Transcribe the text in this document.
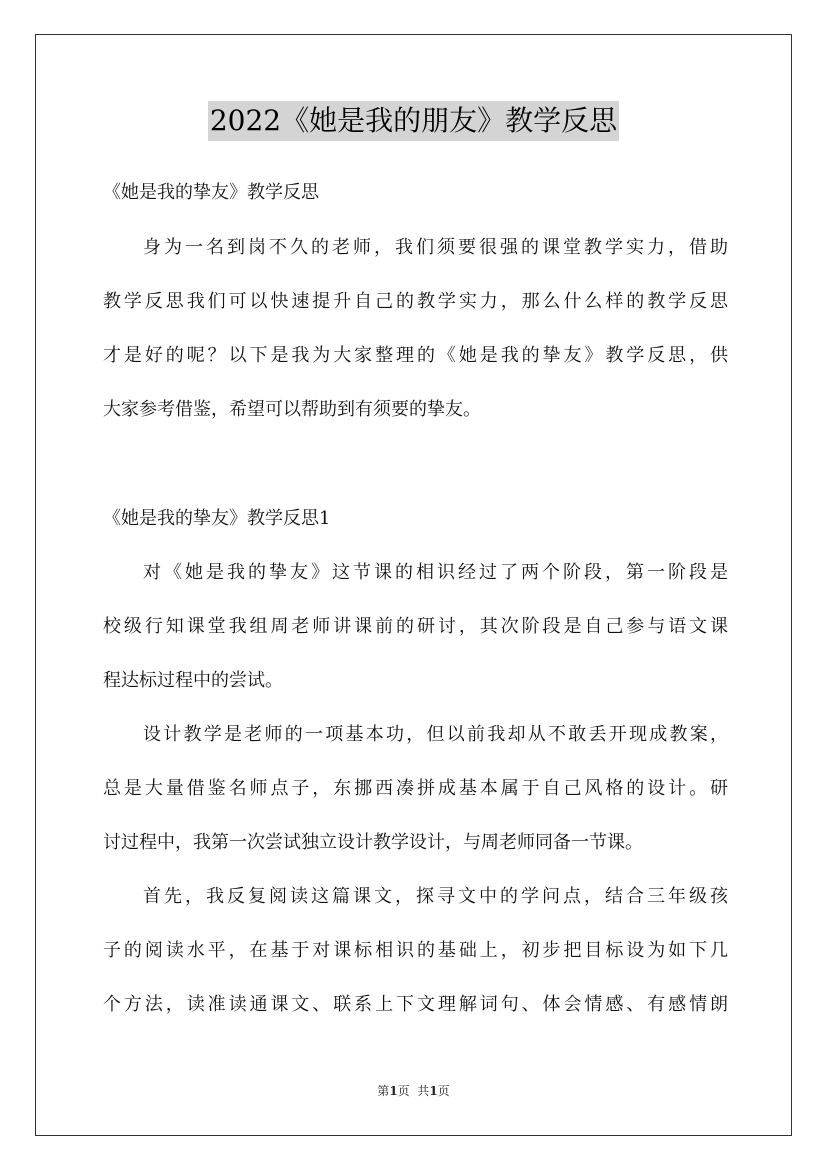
2022《她是我的朋友》教学反思
《她是我的挚友》教学反思
身为一名到岗不久的老师，我们须要很强的课堂教学实力，借助
教学反思我们可以快速提升自己的教学实力，那么什么样的教学反思
才是好的呢？以下是我为大家整理的《她是我的挚友》教学反思，供
大家参考借鉴，希望可以帮助到有须要的挚友。
《她是我的挚友》教学反思1
对《她是我的挚友》这节课的相识经过了两个阶段，第一阶段是
校级行知课堂我组周老师讲课前的研讨，其次阶段是自己参与语文课
程达标过程中的尝试。
设计教学是老师的一项基本功，但以前我却从不敢丢开现成教案，
总是大量借鉴名师点子，东挪西凑拼成基本属于自己风格的设计。研
讨过程中，我第一次尝试独立设计教学设计，与周老师同备一节课。
首先，我反复阅读这篇课文，探寻文中的学问点，结合三年级孩
子的阅读水平，在基于对课标相识的基础上，初步把目标设为如下几
个方法，读准读通课文、联系上下文理解词句、体会情感、有感情朗
第1页  共1页
